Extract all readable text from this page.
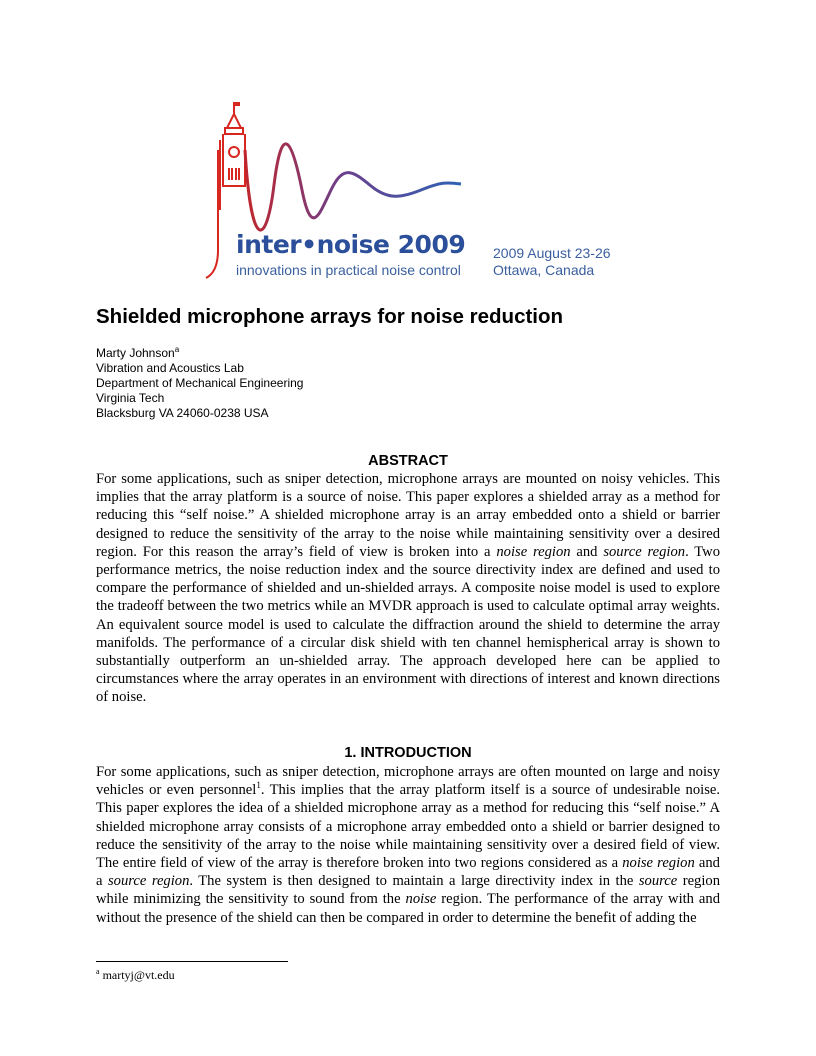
inter•noise 2009
innovations in practical noise control
2009 August 23-26
Ottawa, Canada
Shielded microphone arrays for noise reduction
Marty Johnson$^a$
Vibration and Acoustics Lab
Department of Mechanical Engineering
Virginia Tech
Blacksburg VA 24060-0238 USA
ABSTRACT

For some applications, such as sniper detection, microphone arrays are mounted on noisy vehicles. This implies that the array platform is a source of noise. This paper explores a shielded array as a method for reducing this “self noise.” A shielded microphone array is an array embedded onto a shield or barrier designed to reduce the sensitivity of the array to the noise while maintaining sensitivity over a desired region. For this reason the array’s field of view is broken into a noise region and source region. Two performance metrics, the noise reduction index and the source directivity index are defined and used to compare the performance of shielded and un-shielded arrays. A composite noise model is used to explore the tradeoff between the two metrics while an MVDR approach is used to calculate optimal array weights. An equivalent source model is used to calculate the diffraction around the shield to determine the array manifolds. The performance of a circular disk shield with ten channel hemispherical array is shown to substantially outperform an un-shielded array. The approach developed here can be applied to circumstances where the array operates in an environment with directions of interest and known directions of noise.

1. INTRODUCTION

For some applications, such as sniper detection, microphone arrays are often mounted on large and noisy vehicles or even personnel$^1$. This implies that the array platform itself is a source of undesirable noise. This paper explores the idea of a shielded microphone array as a method for reducing this “self noise.” A shielded microphone array consists of a microphone array embedded onto a shield or barrier designed to reduce the sensitivity of the array to the noise while maintaining sensitivity over a desired field of view. The entire field of view of the array is therefore broken into two regions considered as a noise region and a source region. The system is then designed to maintain a large directivity index in the source region while minimizing the sensitivity to sound from the noise region. The performance of the array with and without the presence of the shield can then be compared in order to determine the benefit of adding the

$^a$ martyj@vt.edu
